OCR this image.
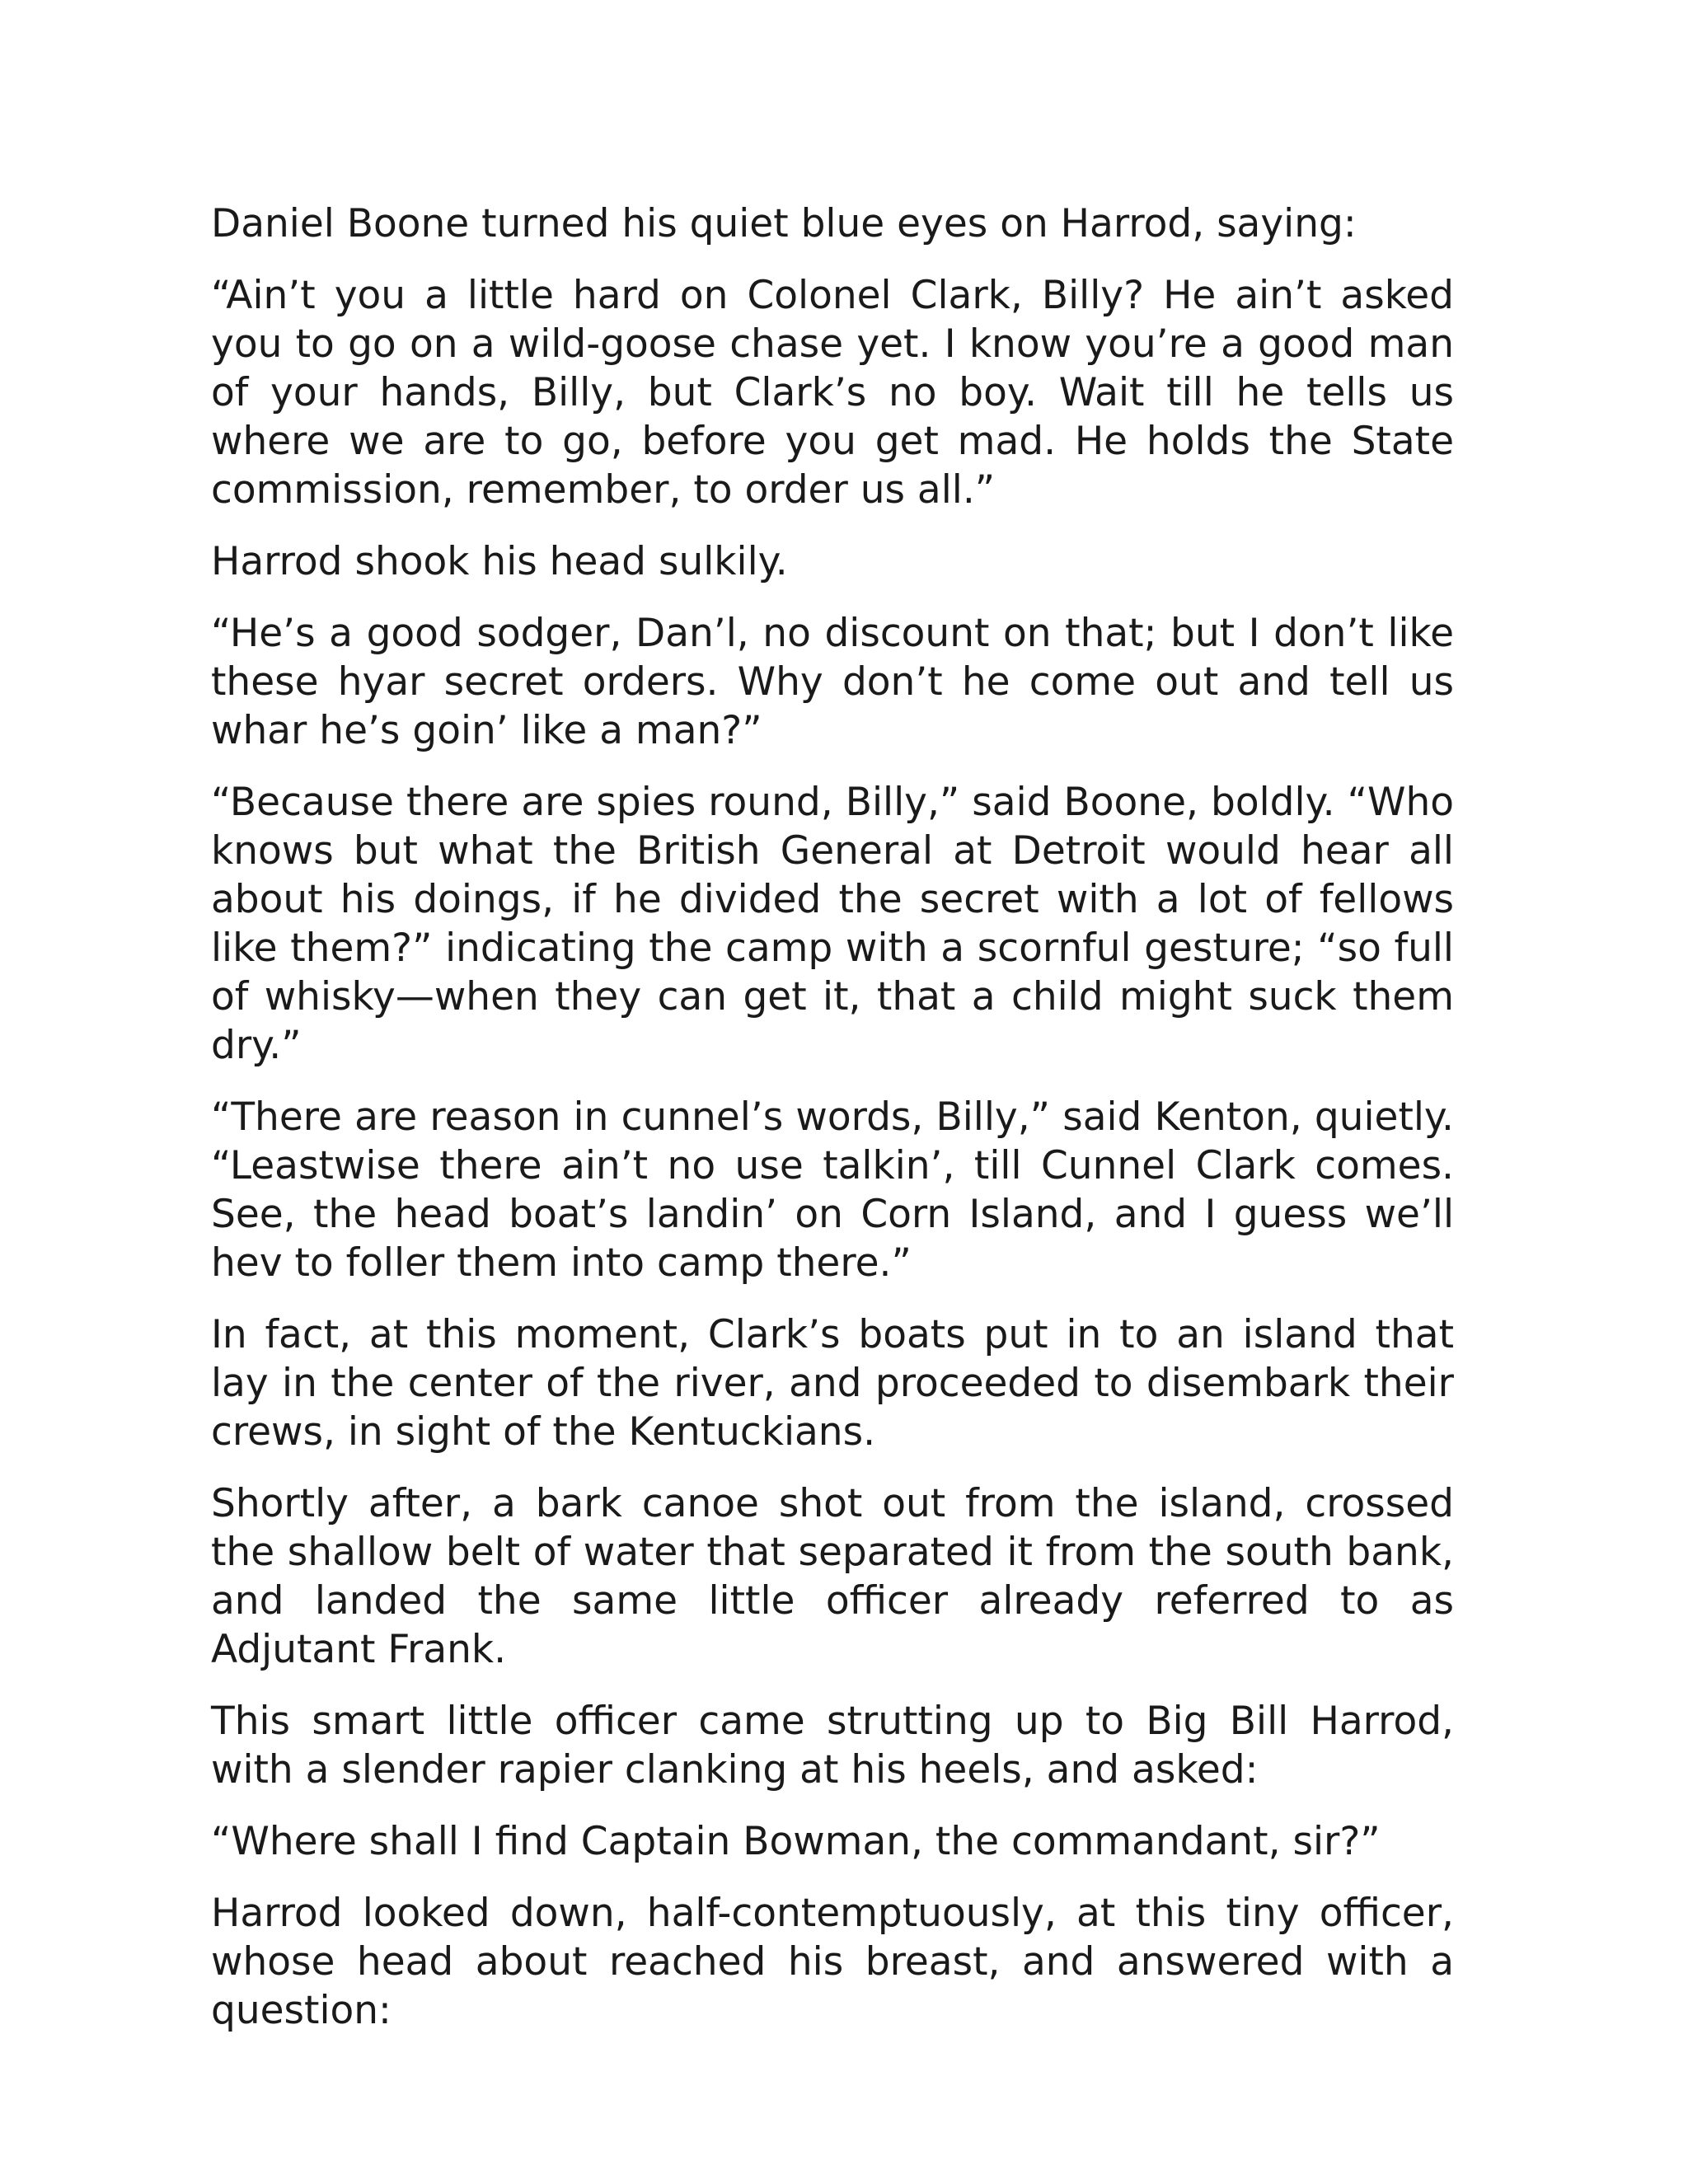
Daniel Boone turned his quiet blue eyes on Harrod, saying:

“Ain’t you a little hard on Colonel Clark, Billy? He ain’t asked you to go on a wild-goose chase yet. I know you’re a good man of your hands, Billy, but Clark’s no boy. Wait till he tells us where we are to go, before you get mad. He holds the State commission, remember, to order us all.”

Harrod shook his head sulkily.

“He’s a good sodger, Dan’l, no discount on that; but I don’t like these hyar secret orders. Why don’t he come out and tell us whar he’s goin’ like a man?”

“Because there are spies round, Billy,” said Boone, boldly. “Who knows but what the British General at Detroit would hear all about his doings, if he divided the secret with a lot of fellows like them?” indicating the camp with a scornful gesture; “so full of whisky—when they can get it, that a child might suck them dry.”

“There are reason in cunnel’s words, Billy,” said Kenton, quietly. “Leastwise there ain’t no use talkin’, till Cunnel Clark comes. See, the head boat’s landin’ on Corn Island, and I guess we’ll hev to foller them into camp there.”

In fact, at this moment, Clark’s boats put in to an island that lay in the center of the river, and proceeded to disembark their crews, in sight of the Kentuckians.

Shortly after, a bark canoe shot out from the island, crossed the shallow belt of water that separated it from the south bank, and landed the same little officer already referred to as Adjutant Frank.

This smart little officer came strutting up to Big Bill Harrod, with a slender rapier clanking at his heels, and asked:

“Where shall I find Captain Bowman, the commandant, sir?”

Harrod looked down, half-contemptuously, at this tiny officer, whose head about reached his breast, and answered with a question:
